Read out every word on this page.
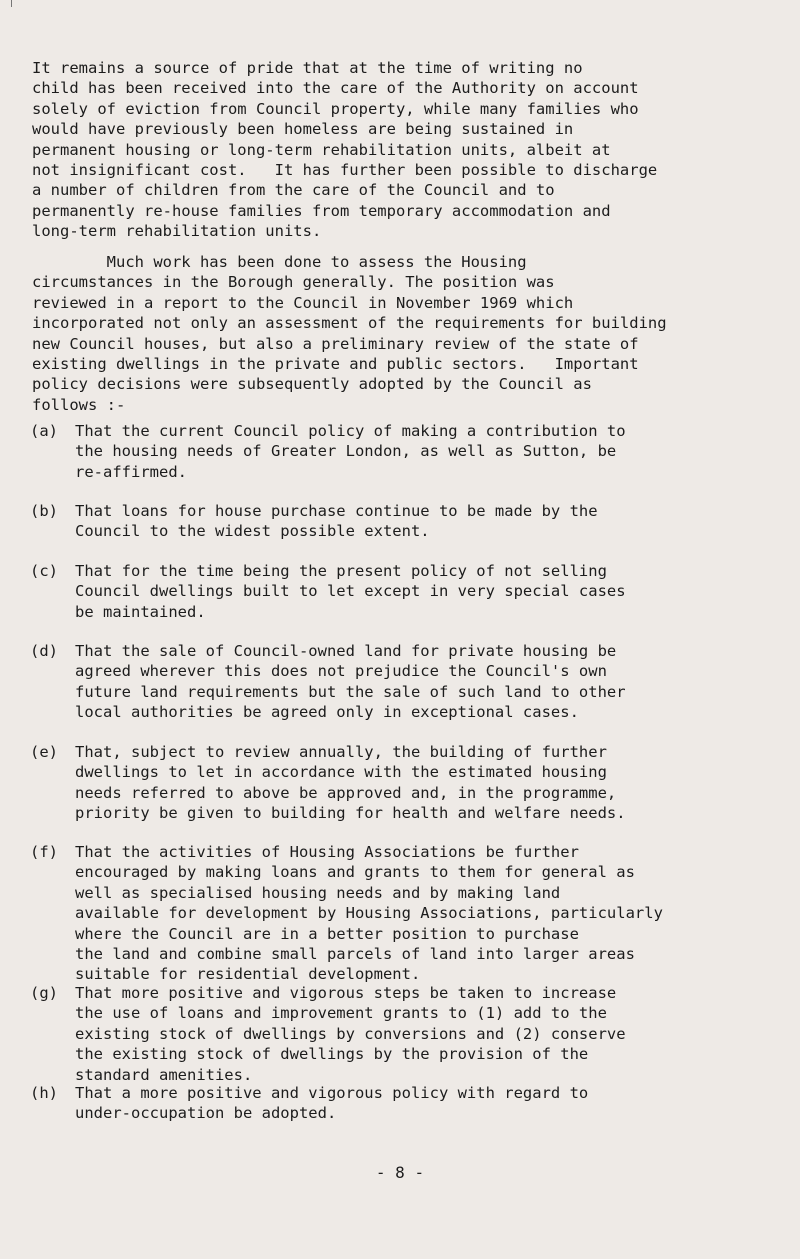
It remains a source of pride that at the time of writing no
child has been received into the care of the Authority on account
solely of eviction from Council property, while many families who
would have previously been homeless are being sustained in
permanent housing or long-term rehabilitation units, albeit at
not insignificant cost.   It has further been possible to discharge
a number of children from the care of the Council and to
permanently re-house families from temporary accommodation and
long-term rehabilitation units.
Much work has been done to assess the Housing
circumstances in the Borough generally. The position was
reviewed in a report to the Council in November 1969 which
incorporated not only an assessment of the requirements for building
new Council houses, but also a preliminary review of the state of
existing dwellings in the private and public sectors.   Important
policy decisions were subsequently adopted by the Council as
follows :-
(a) That the current Council policy of making a contribution to
the housing needs of Greater London, as well as Sutton, be
re-affirmed.
(b) That loans for house purchase continue to be made by the
Council to the widest possible extent.
(c) That for the time being the present policy of not selling
Council dwellings built to let except in very special cases
be maintained.
(d) That the sale of Council-owned land for private housing be
agreed wherever this does not prejudice the Council's own
future land requirements but the sale of such land to other
local authorities be agreed only in exceptional cases.
(e) That, subject to review annually, the building of further
dwellings to let in accordance with the estimated housing
needs referred to above be approved and, in the programme,
priority be given to building for health and welfare needs.
(f) That the activities of Housing Associations be further
encouraged by making loans and grants to them for general as
well as specialised housing needs and by making land
available for development by Housing Associations, particularly
where the Council are in a better position to purchase
the land and combine small parcels of land into larger areas
suitable for residential development.
(g) That more positive and vigorous steps be taken to increase
the use of loans and improvement grants to (1) add to the
existing stock of dwellings by conversions and (2) conserve
the existing stock of dwellings by the provision of the
standard amenities.
(h) That a more positive and vigorous policy with regard to
under-occupation be adopted.
- 8 -
